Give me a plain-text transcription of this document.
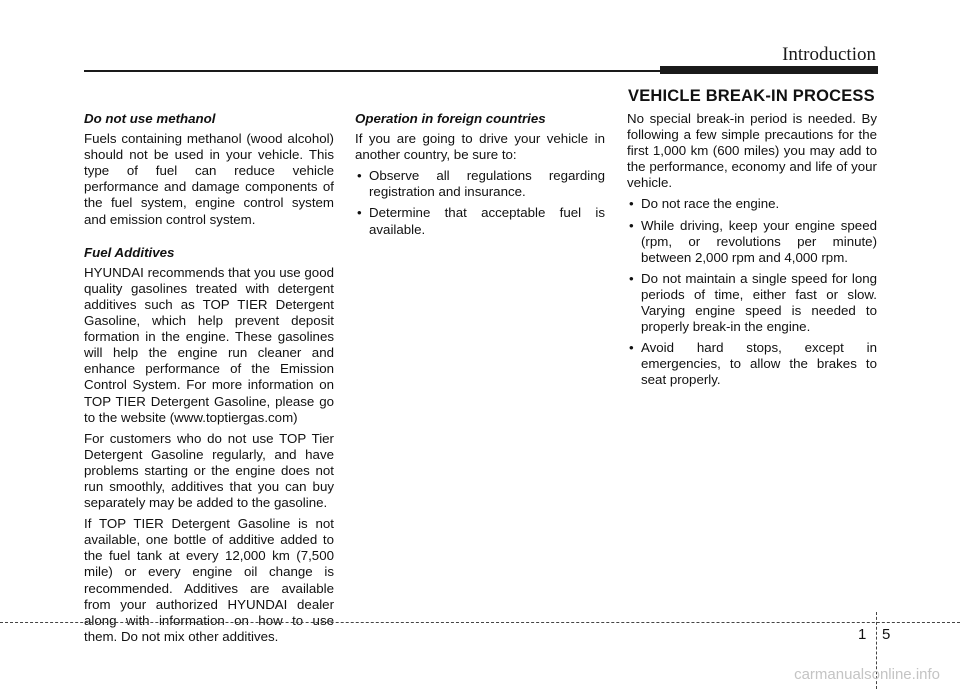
Introduction
VEHICLE BREAK-IN PROCESS
Do not use methanol

Fuels containing methanol (wood alcohol) should not be used in your vehicle. This type of fuel can reduce vehicle performance and damage components of the fuel system, engine control system and emission control system.

Fuel Additives

HYUNDAI recommends that you use good quality gasolines treated with detergent additives such as TOP TIER Detergent Gasoline, which help prevent deposit formation in the engine. These gasolines will help the engine run cleaner and enhance performance of the Emission Control System. For more information on TOP TIER Detergent Gasoline, please go to the website (www.toptiergas.com)

For customers who do not use TOP Tier Detergent Gasoline regularly, and have problems starting or the engine does not run smoothly, additives that you can buy separately may be added to the gasoline.

If TOP TIER Detergent Gasoline is not available, one bottle of additive added to the fuel tank at every 12,000 km (7,500 mile) or every engine oil change is recommended. Additives are available from your authorized HYUNDAI dealer along with information on how to use them. Do not mix other additives.

Operation in foreign countries

If you are going to drive your vehicle in another country, be sure to:

• Observe all regulations regarding registration and insurance.
• Determine that acceptable fuel is available.

No special break-in period is needed. By following a few simple precautions for the first 1,000 km (600 miles) you may add to the performance, economy and life of your vehicle.

• Do not race the engine.
• While driving, keep your engine speed (rpm, or revolutions per minute) between 2,000 rpm and 4,000 rpm.
• Do not maintain a single speed for long periods of time, either fast or slow. Varying engine speed is needed to properly break-in the engine.
• Avoid hard stops, except in emergencies, to allow the brakes to seat properly.
1 5
carmanualsonline.info
